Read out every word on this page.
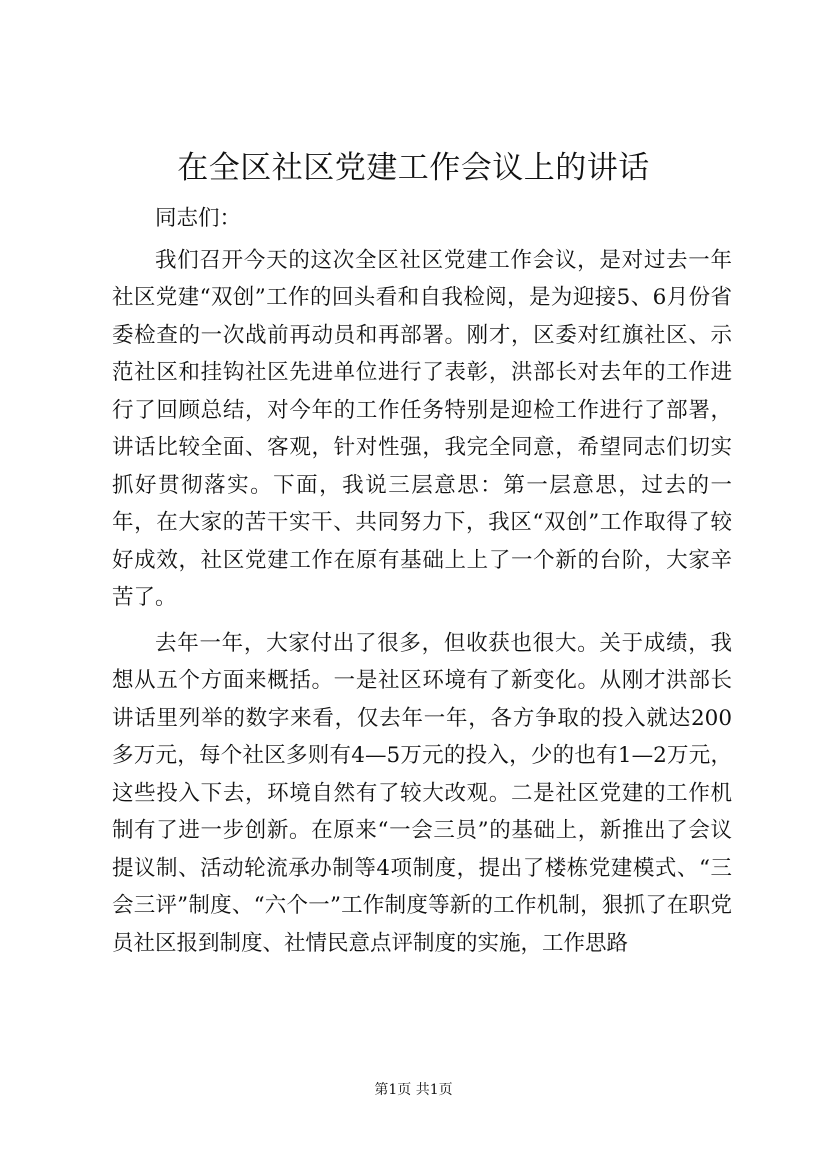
在全区社区党建工作会议上的讲话

同志们：

我们召开今天的这次全区社区党建工作会议，是对过去一年社区党建“双创”工作的回头看和自我检阅，是为迎接5、6月份省委检查的一次战前再动员和再部署。刚才，区委对红旗社区、示范社区和挂钩社区先进单位进行了表彰，洪部长对去年的工作进行了回顾总结，对今年的工作任务特别是迎检工作进行了部署，讲话比较全面、客观，针对性强，我完全同意，希望同志们切实抓好贯彻落实。下面，我说三层意思：第一层意思，过去的一年，在大家的苦干实干、共同努力下，我区“双创”工作取得了较好成效，社区党建工作在原有基础上上了一个新的台阶，大家辛苦了。

去年一年，大家付出了很多，但收获也很大。关于成绩，我想从五个方面来概括。一是社区环境有了新变化。从刚才洪部长讲话里列举的数字来看，仅去年一年，各方争取的投入就达200多万元，每个社区多则有4—5万元的投入，少的也有1—2万元，这些投入下去，环境自然有了较大改观。二是社区党建的工作机制有了进一步创新。在原来“一会三员”的基础上，新推出了会议提议制、活动轮流承办制等4项制度，提出了楼栋党建模式、“三会三评”制度、“六个一”工作制度等新的工作机制，狠抓了在职党员社区报到制度、社情民意点评制度的实施，工作思路

第1页 共1页
